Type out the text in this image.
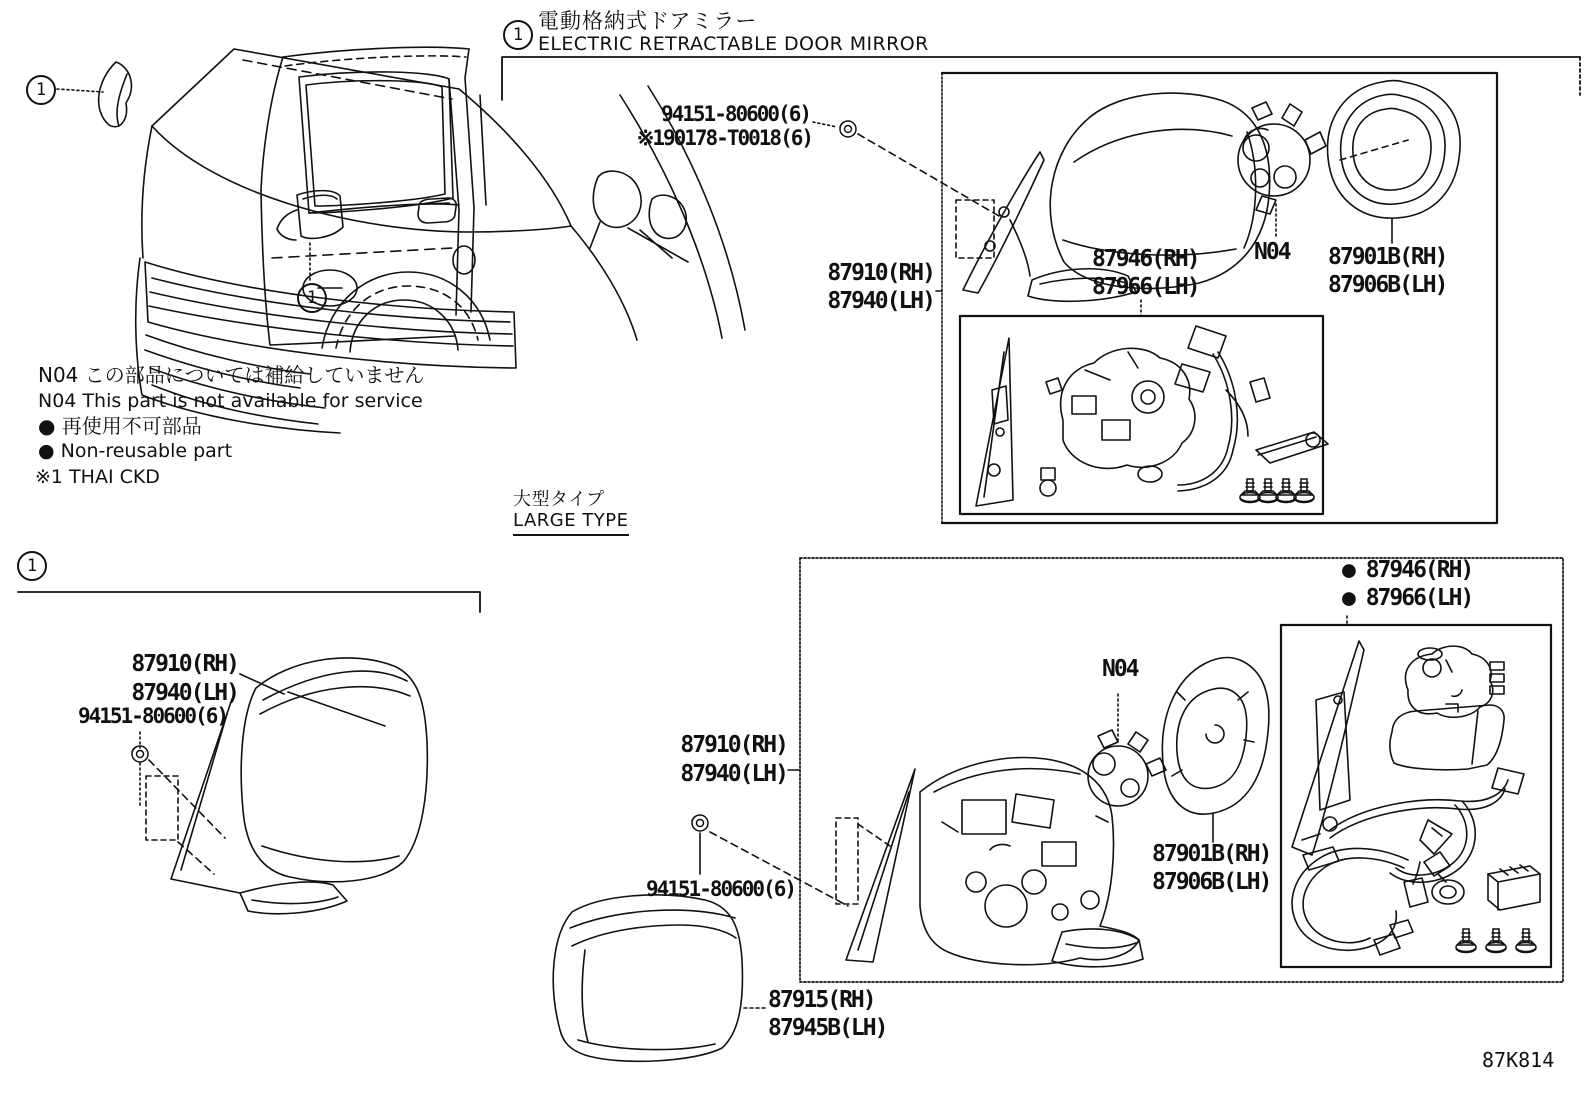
1
電動格納式ドアミラー
ELECTRIC RETRACTABLE DOOR MIRROR
1
1
N04 この部品については補給していません
N04 This part is not available for service
● 再使用不可部品
● Non-reusable part
※1 THAI CKD
94151-80600(6)
※190178-T0018(6)
87910(RH)
87940(LH)
87946(RH)
87966(LH)
N04 87901B(RH)
87906B(LH)
大型タイプ
LARGE TYPE
1
87910(RH)
87940(LH)
94151-80600(6)
87910(RH)
87940(LH)
94151-80600(6)
● 87946(RH)
● 87966(LH)
N04
87901B(RH)
87906B(LH)
87915(RH)
87945B(LH)
87K814
